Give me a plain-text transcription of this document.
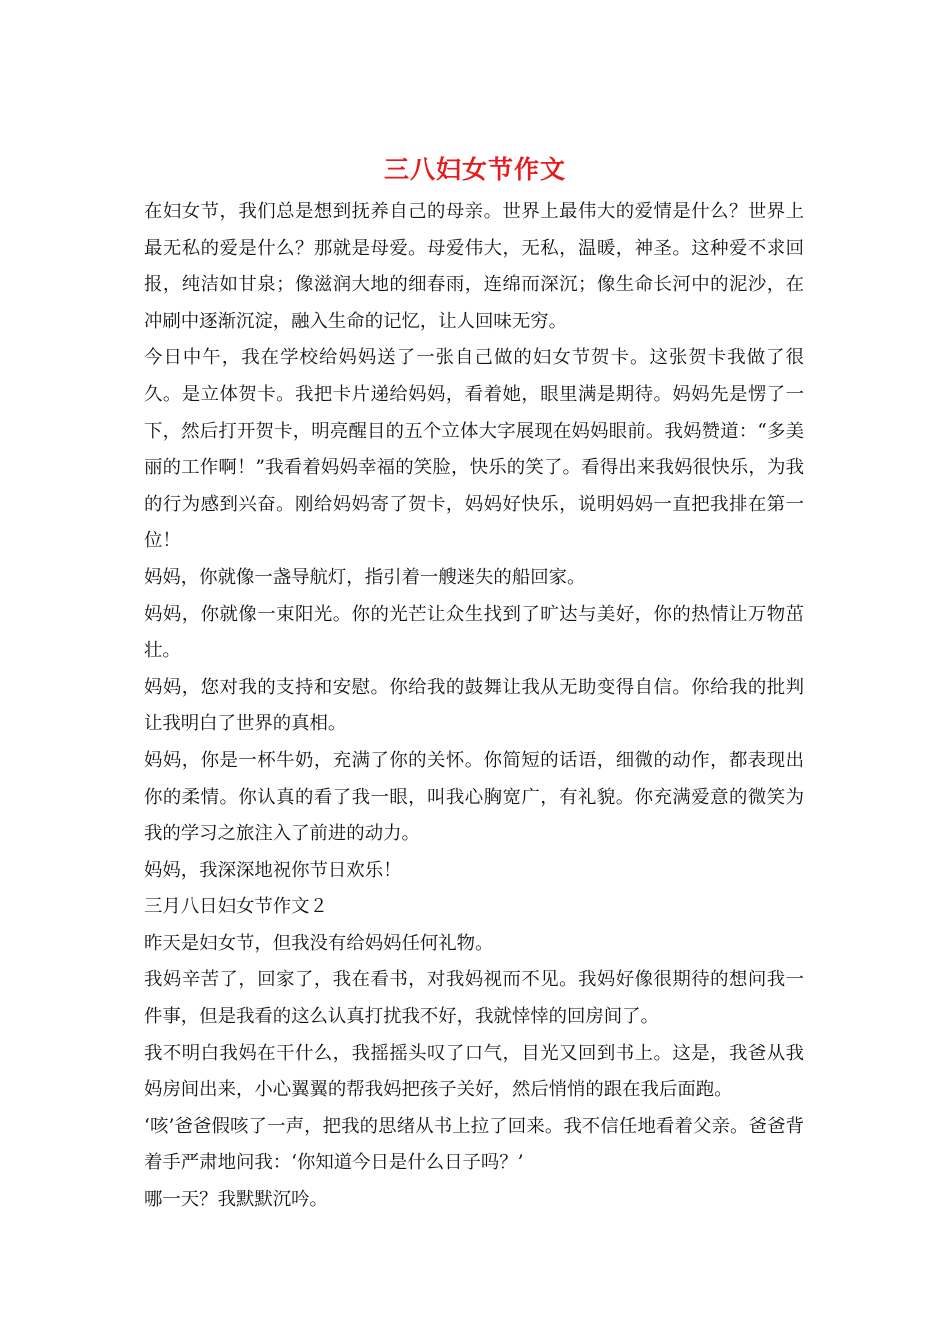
三八妇女节作文

在妇女节，我们总是想到抚养自己的母亲。世界上最伟大的爱情是什么？世界上最无私的爱是什么？那就是母爱。母爱伟大，无私，温暖，神圣。这种爱不求回报，纯洁如甘泉；像滋润大地的细春雨，连绵而深沉；像生命长河中的泥沙，在冲刷中逐渐沉淀，融入生命的记忆，让人回味无穷。

今日中午，我在学校给妈妈送了一张自己做的妇女节贺卡。这张贺卡我做了很久。是立体贺卡。我把卡片递给妈妈，看着她，眼里满是期待。妈妈先是愣了一下，然后打开贺卡，明亮醒目的五个立体大字展现在妈妈眼前。我妈赞道：“多美丽的工作啊！”我看着妈妈幸福的笑脸，快乐的笑了。看得出来我妈很快乐，为我的行为感到兴奋。刚给妈妈寄了贺卡，妈妈好快乐，说明妈妈一直把我排在第一位！

妈妈，你就像一盏导航灯，指引着一艘迷失的船回家。

妈妈，你就像一束阳光。你的光芒让众生找到了旷达与美好，你的热情让万物茁壮。

妈妈，您对我的支持和安慰。你给我的鼓舞让我从无助变得自信。你给我的批判让我明白了世界的真相。

妈妈，你是一杯牛奶，充满了你的关怀。你简短的话语，细微的动作，都表现出你的柔情。你认真的看了我一眼，叫我心胸宽广，有礼貌。你充满爱意的微笑为我的学习之旅注入了前进的动力。

妈妈，我深深地祝你节日欢乐！

三月八日妇女节作文２

昨天是妇女节，但我没有给妈妈任何礼物。

我妈辛苦了，回家了，我在看书，对我妈视而不见。我妈好像很期待的想问我一件事，但是我看的这么认真打扰我不好，我就悻悻的回房间了。

我不明白我妈在干什么，我摇摇头叹了口气，目光又回到书上。这是，我爸从我妈房间出来，小心翼翼的帮我妈把孩子关好，然后悄悄的跟在我后面跑。

‘咳’爸爸假咳了一声，把我的思绪从书上拉了回来。我不信任地看着父亲。爸爸背着手严肃地问我：‘你知道今日是什么日子吗？’

哪一天？我默默沉吟。
